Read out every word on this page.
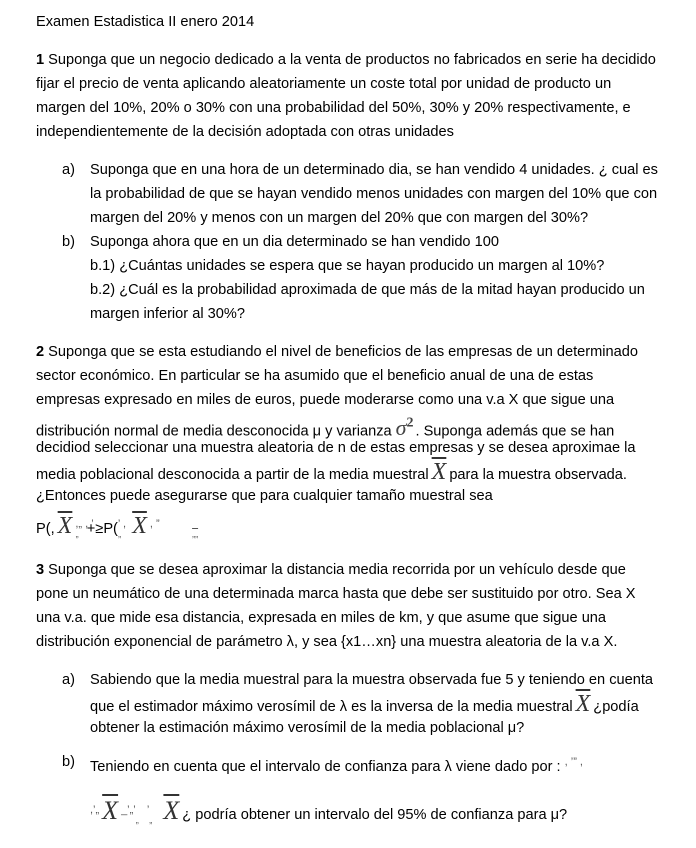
Examen Estadistica II enero 2014
1 Suponga que un negocio dedicado a la venta de productos no fabricados en serie ha decidido
fijar el precio de venta aplicando aleatoriamente un coste total por unidad de producto un
margen del 10%, 20% o 30% con una probabilidad del 50%, 30% y 20% respectivamente, e
independientemente de la decisión adoptada con otras unidades
a) Suponga que en una hora de un determinado dia, se han vendido 4 unidades. ¿ cual es
la probabilidad de que se hayan vendido menos unidades con margen del 10% que con
margen del 20% y menos con un margen del 20% que con margen del 30%?
b) Suponga ahora que en un dia determinado se han vendido 100
b.1) ¿Cuántas unidades se espera que se hayan producido un margen al 10%?
b.2) ¿Cuál es la probabilidad aproximada de que más de la mitad hayan producido un
margen inferior al 30%?
2 Suponga que se esta estudiando el nivel de beneficios de las empresas de un determinado
sector económico. En particular se ha asumido que el beneficio anual de una de estas
empresas expresado en miles de euros, puede moderarse como una v.a X que sigue una
distribución normal de media desconocida μ y varianza $\sigma^2$ . Suponga además que se han
decidiod seleccionar una muestra aleatoria de n de estas empresas y se desea aproximae la
media poblacional desconocida a partir de la media muestral $\overline{X}$ para la muestra observada.
¿Entonces puede asegurarse que para cualquier tamaño muestral sea
P(, $\overline{X}$ $^{,„ , ’}_„ +\ge P(^{’ ,}_„$ $\overline{X}$ , ”        $_{„„}$
3 Suponga que se desea aproximar la distancia media recorrida por un vehículo desde que
pone un neumático de una determinada marca hasta que debe ser sustituido por otro. Sea X
una v.a. que mide esa distancia, expresada en miles de km, y que asume que sigue una
distribución exponencial de parámetro λ, y sea {x1…xn} una muestra aleatoria de la v.a X.
a) Sabiendo que la media muestral para la muestra observada fue 5 y teniendo en cuenta
que el estimador máximo verosímil de λ es la inversa de la media muestral $\overline{X}$ ¿podía
obtener la estimación máximo verosímil de la media poblacional μ?
b) Teniendo en cuenta que el intervalo de confianza para λ viene dado por : , ’” ,
,’„ $\overline{X}$ _’„’$_„$  ’$_„$ $\overline{X}$ ¿ podría obtener un intervalo del 95% de confianza para μ?
